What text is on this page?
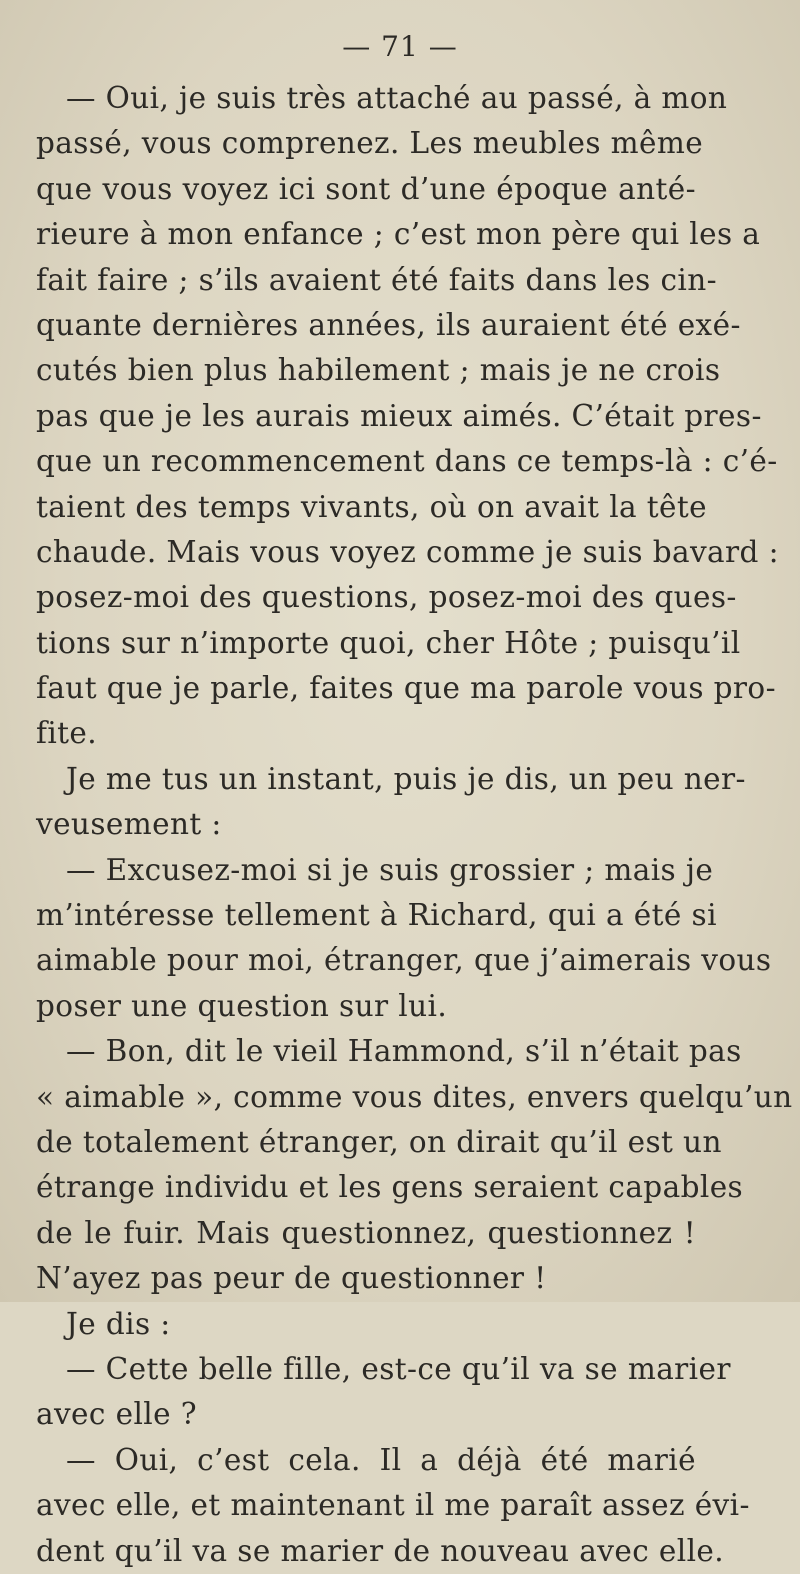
— 71 —
— Oui, je suis très attaché au passé, à mon
passé, vous comprenez. Les meubles même
que vous voyez ici sont d’une époque anté-
rieure à mon enfance ; c’est mon père qui les a
fait faire ; s’ils avaient été faits dans les cin-
quante dernières années, ils auraient été exé-
cutés bien plus habilement ; mais je ne crois
pas que je les aurais mieux aimés. C’était pres-
que un recommencement dans ce temps-là : c’é-
taient des temps vivants, où on avait la tête
chaude. Mais vous voyez comme je suis bavard :
posez-moi des questions, posez-moi des ques-
tions sur n’importe quoi, cher Hôte ; puisqu’il
faut que je parle, faites que ma parole vous pro-
fite.
Je me tus un instant, puis je dis, un peu ner-
veusement :
— Excusez-moi si je suis grossier ; mais je
m’intéresse tellement à Richard, qui a été si
aimable pour moi, étranger, que j’aimerais vous
poser une question sur lui.
— Bon, dit le vieil Hammond, s’il n’était pas
« aimable », comme vous dites, envers quelqu’un
de totalement étranger, on dirait qu’il est un
étrange individu et les gens seraient capables
de le fuir. Mais questionnez, questionnez !
N’ayez pas peur de questionner !
Je dis :
— Cette belle fille, est-ce qu’il va se marier
avec elle ?
— Oui, c’est cela. Il a déjà été marié
avec elle, et maintenant il me paraît assez évi-
dent qu’il va se marier de nouveau avec elle.
